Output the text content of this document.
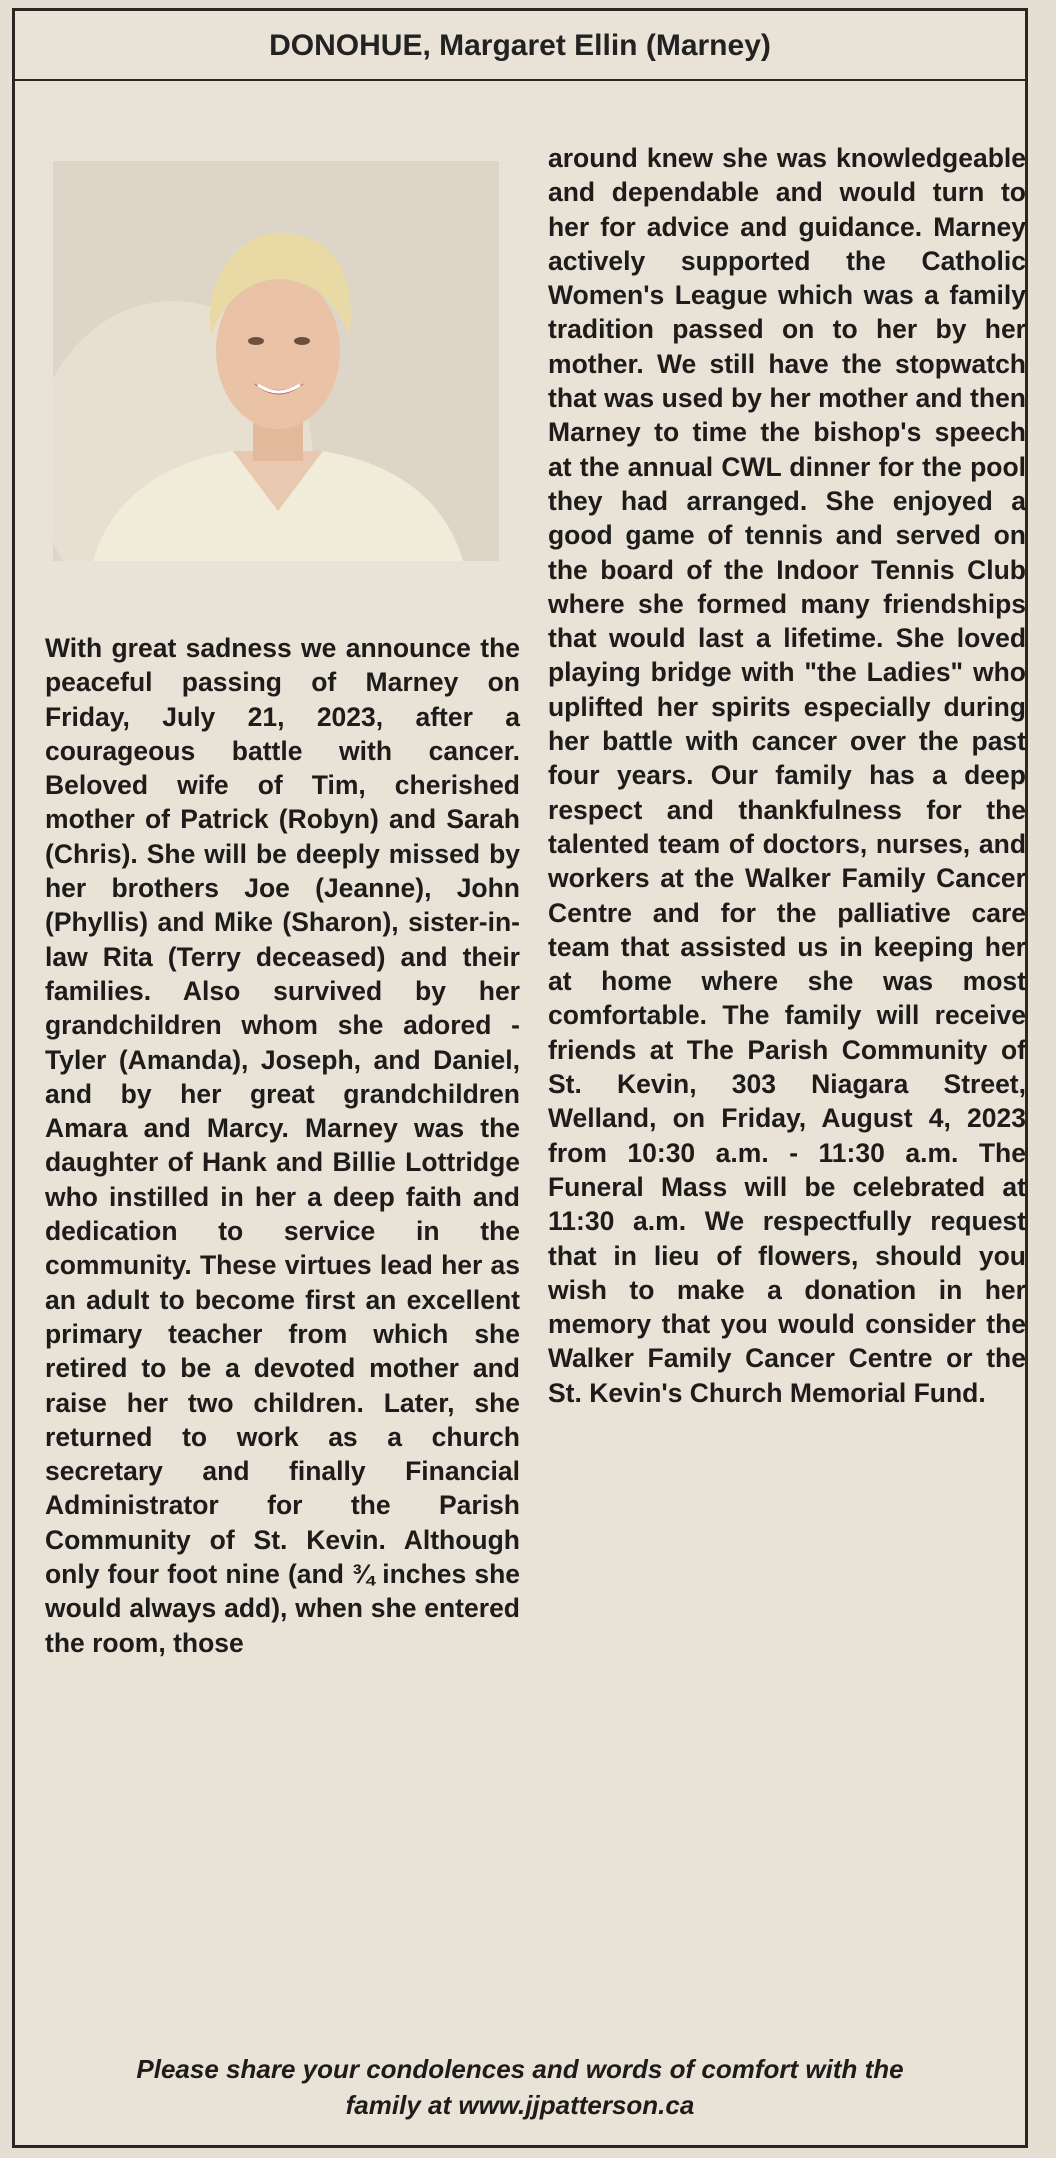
DONOHUE, Margaret Ellin (Marney)

With great sadness we announce the peaceful passing of Marney on Friday, July 21, 2023, after a courageous battle with cancer. Beloved wife of Tim, cherished mother of Patrick (Robyn) and Sarah (Chris). She will be deeply missed by her brothers Joe (Jeanne), John (Phyllis) and Mike (Sharon), sister-in-law Rita (Terry deceased) and their families. Also survived by her grandchildren whom she adored - Tyler (Amanda), Joseph, and Daniel, and by her great grandchildren Amara and Marcy. Marney was the daughter of Hank and Billie Lottridge who instilled in her a deep faith and dedication to service in the community. These virtues lead her as an adult to become first an excellent primary teacher from which she retired to be a devoted mother and raise her two children. Later, she returned to work as a church secretary and finally Financial Administrator for the Parish Community of St. Kevin. Although only four foot nine (and ¾ inches she would always add), when she entered the room, those

around knew she was knowledgeable and dependable and would turn to her for advice and guidance. Marney actively supported the Catholic Women's League which was a family tradition passed on to her by her mother. We still have the stopwatch that was used by her mother and then Marney to time the bishop's speech at the annual CWL dinner for the pool they had arranged. She enjoyed a good game of tennis and served on the board of the Indoor Tennis Club where she formed many friendships that would last a lifetime. She loved playing bridge with "the Ladies" who uplifted her spirits especially during her battle with cancer over the past four years. Our family has a deep respect and thankfulness for the talented team of doctors, nurses, and workers at the Walker Family Cancer Centre and for the palliative care team that assisted us in keeping her at home where she was most comfortable. The family will receive friends at The Parish Community of St. Kevin, 303 Niagara Street, Welland, on Friday, August 4, 2023 from 10:30 a.m. - 11:30 a.m. The Funeral Mass will be celebrated at 11:30 a.m. We respectfully request that in lieu of flowers, should you wish to make a donation in her memory that you would consider the Walker Family Cancer Centre or the St. Kevin's Church Memorial Fund.

Please share your condolences and words of comfort with the
family at www.jjpatterson.ca
